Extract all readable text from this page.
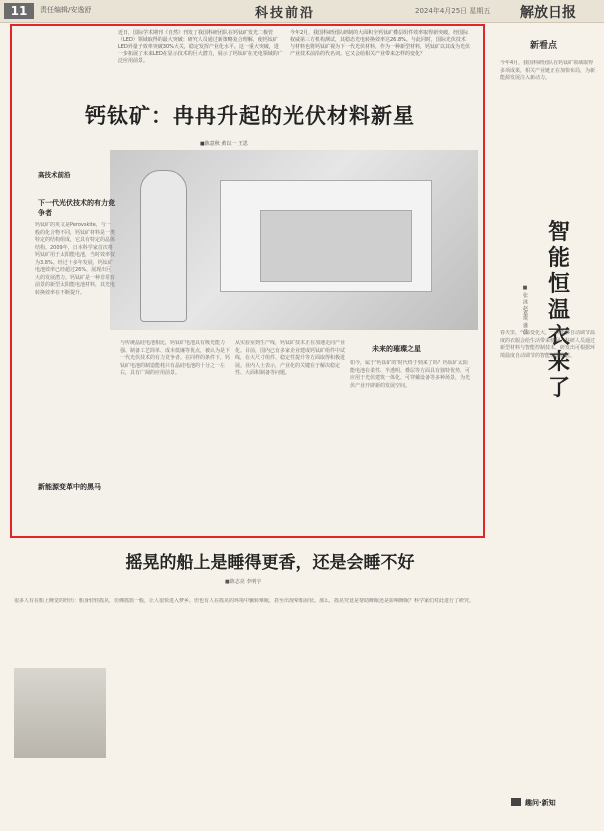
11	责任编辑/安逸舒	科技前沿	2024年4月25日 星期五 解放日报
近日，国际学术期刊《自然》刊发了我国科研团队在钙钛矿发光二极管（LED）领域取得的最大突破：研究人员通过新策略复合理解，使钙钛矿LED外量子效率突破30%大关，稳定发挥产业化水平。这一重大突破，进一步拓展了未来LED在显示技术的巨大潜力，展示了钙钛矿在光电领域的广泛应用前景。
今年2月，我国科研团队研制的大面积全钙钛矿叠层组件效率取得新突破，经国际权威第三方机构测试，其稳态光电转换效率达26.8%。与此同时，国际光伏技术与材料也将钙钛矿视为下一代光伏材料，作为一种新型材料，钙钛矿以其成为光伏产业技术前沿的代名词。它又会给相关产业带来怎样的变化？
钙钛矿：冉冉升起的光伏材料新星
■陈意秋 黄以一 王思
高技术前沿
下一代光伏技术的有力竞争者
钙钛矿的英文是Perovskite，与一般的化合物不同，钙钛矿材料是一类特定的结构组成，它具有特定的晶体结构。2009年，日本科学家首次将钙钛矿用于太阳能电池，当时效率仅为3.8%。经过十多年发展，钙钛矿电池效率已经超过26%，展现出巨大的发展潜力。钙钛矿是一种非常有前景的新型太阳能电池材料，其光电转换效率在不断提升。
新能源变革中的黑马
与传统晶硅电池相比，钙钛矿电池具有吸光能力强、制备工艺简单、成本低廉等优点，被认为是下一代光伏技术的有力竞争者。在同样的条件下，钙钛矿电池的制造能耗只有晶硅电池的十分之一左右，具有广阔的应用前景。
从实验室到生产线，钙钛矿技术正在加速走向产业化。目前，国内已有多家企业建成钙钛矿组件中试线，在大尺寸组件、稳定性提升等方面取得积极进展。业内人士表示，产业化的关键在于解决稳定性、大面积制备等问题。
未来的璀璨之星
如今，属于'钙钛矿的'时代终于到来了吗？钙钛矿太阳能电池在柔性、半透明、叠层等方面具有独特优势，可应用于光伏建筑一体化、可穿戴设备等多种场景，为光伏产业开辟新的发展空间。
新看点
今年4月，我国科研团队在钙钛矿领域取得多项成果，相关产业链正在加快布局，为新能源发展注入新动力。
智能恒温衣来了
■ 张 泳 赵嘉琪 盛 晨
春天里，气温变化大，一件能够自动调节温度的衣服会给生活带来便利。科研人员通过新型材料与智能控制技术，研发出可根据环境温度自动调节的智能恒温服装。
趣问·新知
摇晃的船上是睡得更香，还是会睡不好
■陈志亮 李明宇
很多人有在船上睡觉的经历：船身轻轻摇晃，仿佛摇篮一般，让人很快进入梦乡。但也有人在摇晃的环境中辗转难眠，甚至出现晕船症状。那么，摇晃究竟是帮助睡眠还是影响睡眠？科学家们对此进行了研究。
